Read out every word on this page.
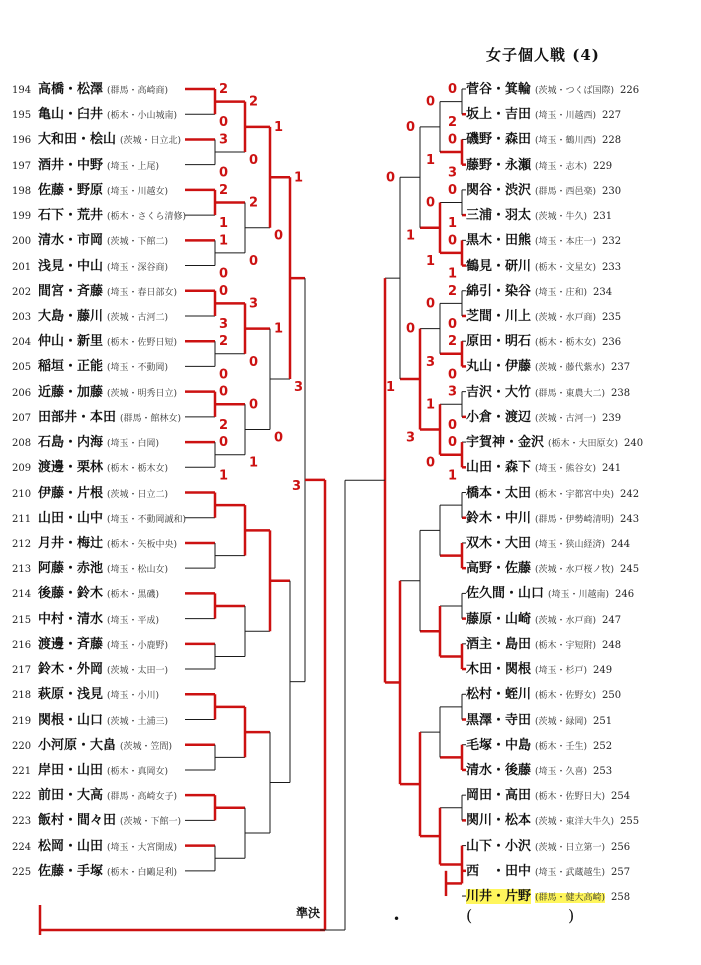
女子個人戦 (4)
194 高橋・松澤 (群馬・高崎商)
195 亀山・臼井 (栃木・小山城南)
196 大和田・桧山 (茨城・日立北)
197 酒井・中野 (埼玉・上尾)
198 佐藤・野原 (埼玉・川越女)
199 石下・荒井 (栃木・さくら清修)
200 清水・市岡 (茨城・下館二)
201 浅見・中山 (埼玉・深谷商)
202 間宮・斉藤 (埼玉・春日部女)
203 大島・藤川 (茨城・古河二)
204 仲山・新里 (栃木・佐野日短)
205 稲垣・正能 (埼玉・不動岡)
206 近藤・加藤 (茨城・明秀日立)
207 田部井・本田 (群馬・館林女)
208 石島・内海 (埼玉・白岡)
209 渡邊・栗林 (栃木・栃木女)
210 伊藤・片根 (茨城・日立二)
211 山田・山中 (埼玉・不動岡誠和)
212 月井・梅辻 (栃木・矢板中央)
213 阿藤・赤池 (埼玉・松山女)
214 後藤・鈴木 (栃木・黒磯)
215 中村・清水 (埼玉・平成)
216 渡邊・斉藤 (埼玉・小鹿野)
217 鈴木・外岡 (茨城・太田一)
218 萩原・浅見 (埼玉・小川)
219 関根・山口 (茨城・土浦三)
220 小河原・大畠 (茨城・笠間)
221 岸田・山田 (栃木・真岡女)
222 前田・大高 (群馬・高崎女子)
223 飯村・間々田 (茨城・下館一)
224 松岡・山田 (埼玉・大宮開成)
225 佐藤・手塚 (栃木・白鷗足利)
菅谷・箕輪 (茨城・つくば国際) 226
坂上・吉田 (埼玉・川越西) 227
磯野・森田 (埼玉・鶴川西) 228
藤野・永瀬 (埼玉・志木) 229
関谷・渋沢 (群馬・西邑楽) 230
三浦・羽太 (茨城・牛久) 231
黒木・田熊 (埼玉・本庄一) 232
鶴見・研川 (栃木・文星女) 233
綿引・染谷 (埼玉・庄和) 234
芝間・川上 (茨城・水戸商) 235
原田・明石 (栃木・栃木女) 236
丸山・伊藤 (茨城・藤代紫水) 237
吉沢・大竹 (群馬・東農大二) 238
小倉・渡辺 (茨城・古河一) 239
宇賀神・金沢 (栃木・大田原女) 240
山田・森下 (埼玉・熊谷女) 241
橋本・太田 (栃木・宇都宮中央) 242
鈴木・中川 (群馬・伊勢崎清明) 243
双木・大田 (埼玉・狭山経済) 244
高野・佐藤 (茨城・水戸桜ノ牧) 245
佐久間・山口 (埼玉・川越南) 246
藤原・山崎 (茨城・水戸商) 247
酒主・島田 (栃木・宇短附) 248
木田・関根 (埼玉・杉戸) 249
松村・蛭川 (栃木・佐野女) 250
黒澤・寺田 (茨城・緑岡) 251
毛塚・中島 (栃木・壬生) 252
清水・後藤 (埼玉・久喜) 253
岡田・高田 (栃木・佐野日大) 254
関川・松本 (茨城・東洋大牛久) 255
山下・小沢 (茨城・日立第一) 256
西　・田中 (埼玉・武蔵越生) 257
川井・片野 (群馬・健大高崎) 258
2
0
3
0
2
1
1
0
0
3
2
0
0
2
0
1
2
0
2
0
3
0
0
1
1
0
1
0
1
3
0
2
0
3
0
1
0
1
2
0
2
0
3
0
0
1
0
1
0
1
0
3
1
0
0
1
0
3
0
1
3
準決	(	)
•
